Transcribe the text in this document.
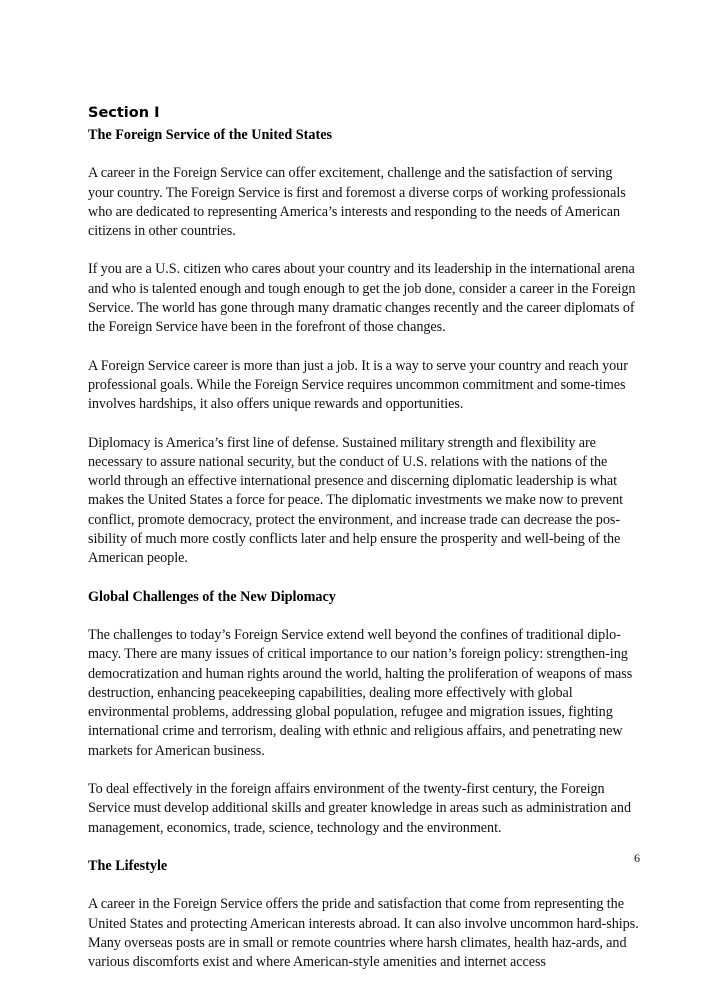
Section I
The Foreign Service of the United States

A career in the Foreign Service can offer excitement, challenge and the satisfaction of serving your country. The Foreign Service is first and foremost a diverse corps of working professionals who are dedicated to representing America’s interests and responding to the needs of American citizens in other countries.

If you are a U.S. citizen who cares about your country and its leadership in the international arena and who is talented enough and tough enough to get the job done, consider a career in the Foreign Service. The world has gone through many dramatic changes recently and the career diplomats of the Foreign Service have been in the forefront of those changes.

A Foreign Service career is more than just a job. It is a way to serve your country and reach your professional goals. While the Foreign Service requires uncommon commitment and some-times involves hardships, it also offers unique rewards and opportunities.

Diplomacy is America’s first line of defense. Sustained military strength and flexibility are necessary to assure national security, but the conduct of U.S. relations with the nations of the world through an effective international presence and discerning diplomatic leadership is what makes the United States a force for peace. The diplomatic investments we make now to prevent conflict, promote democracy, protect the environment, and increase trade can decrease the pos-sibility of much more costly conflicts later and help ensure the prosperity and well-being of the American people.

Global Challenges of the New Diplomacy

The challenges to today’s Foreign Service extend well beyond the confines of traditional diplo-macy. There are many issues of critical importance to our nation’s foreign policy: strengthen-ing democratization and human rights around the world, halting the proliferation of weapons of mass destruction, enhancing peacekeeping capabilities, dealing more effectively with global environmental problems, addressing global population, refugee and migration issues, fighting international crime and terrorism, dealing with ethnic and religious affairs, and penetrating new markets for American business.

To deal effectively in the foreign affairs environment of the twenty-first century, the Foreign Service must develop additional skills and greater knowledge in areas such as administration and management, economics, trade, science, technology and the environment.

The Lifestyle

A career in the Foreign Service offers the pride and satisfaction that come from representing the United States and protecting American interests abroad. It can also involve uncommon hard-ships. Many overseas posts are in small or remote countries where harsh climates, health haz-ards, and various discomforts exist and where American-style amenities and internet access

6
